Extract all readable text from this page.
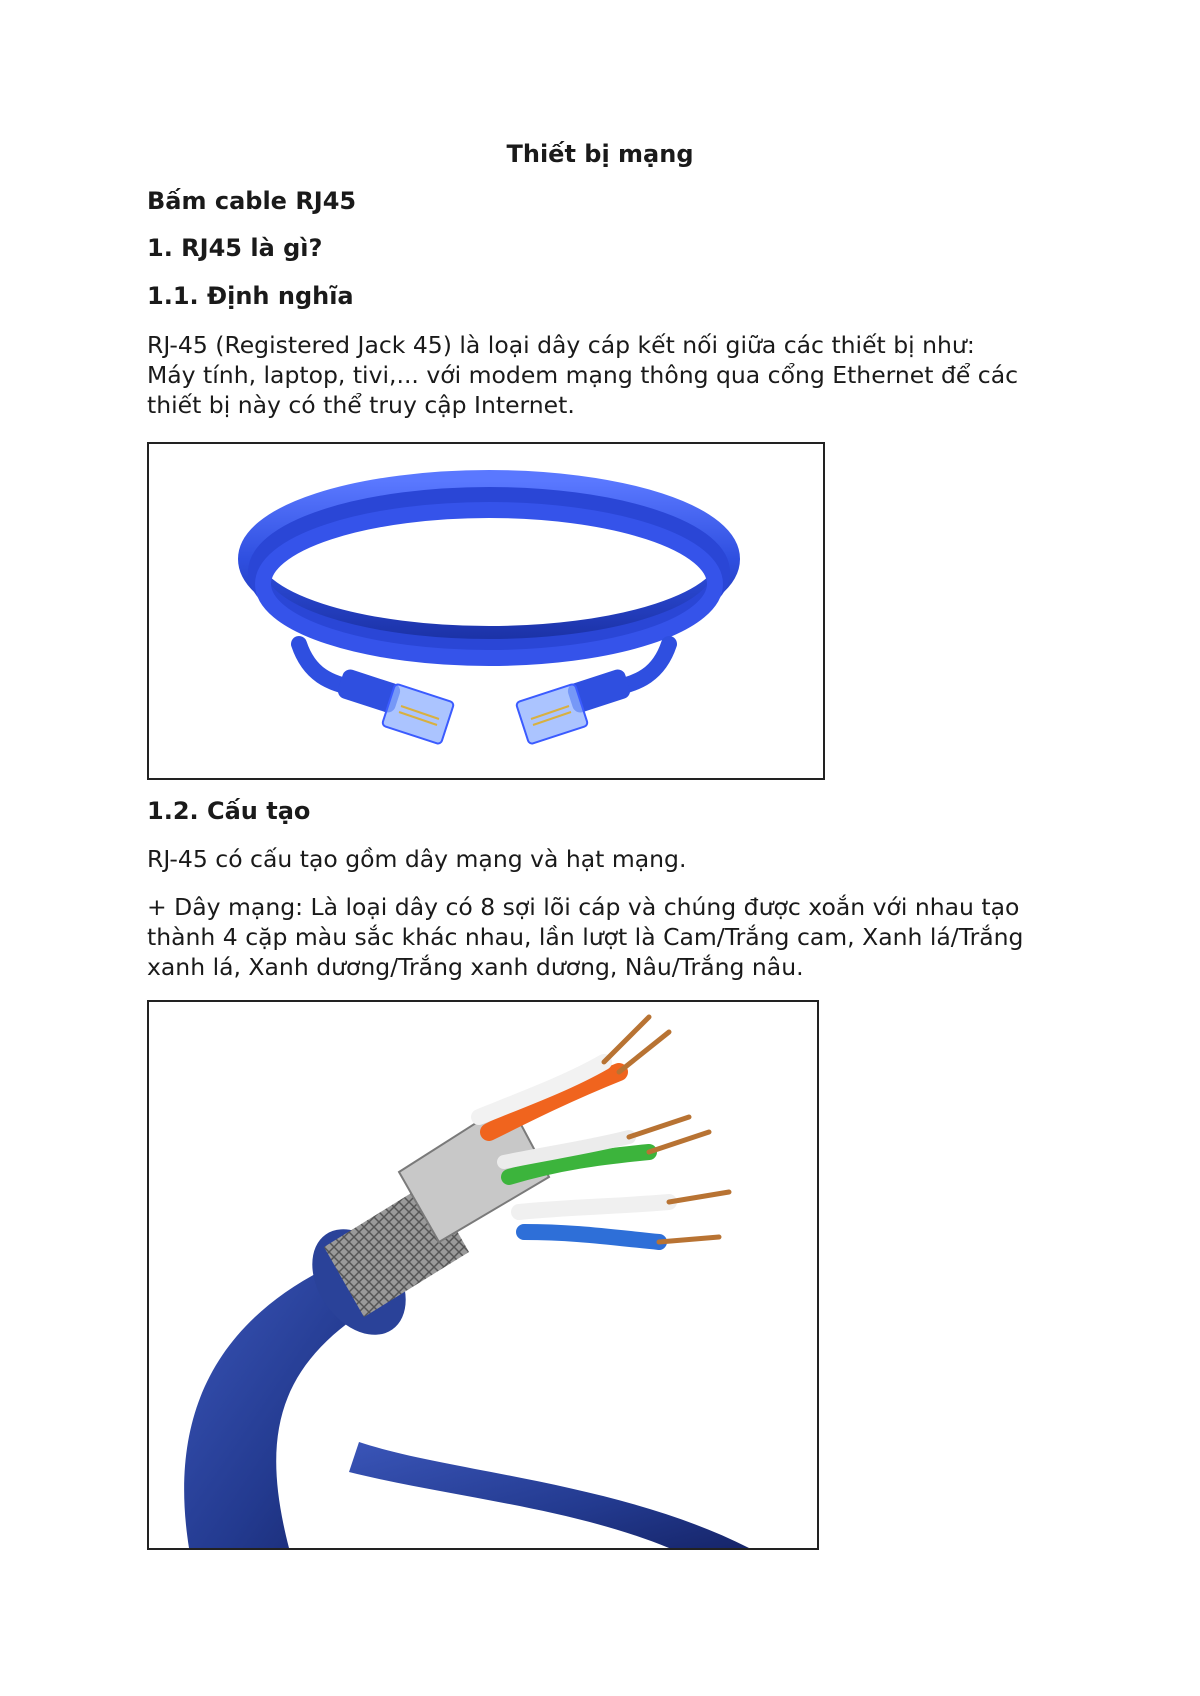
Thiết bị mạng
Bấm cable RJ45
1. RJ45 là gì?
1.1. Định nghĩa
RJ-45 (Registered Jack 45) là loại dây cáp kết nối giữa các thiết bị như:
Máy tính, laptop, tivi,... với modem mạng thông qua cổng Ethernet để các
thiết bị này có thể truy cập Internet.
1.2. Cấu tạo
RJ-45 có cấu tạo gồm dây mạng và hạt mạng.
+ Dây mạng: Là loại dây có 8 sợi lõi cáp và chúng được xoắn với nhau tạo
thành 4 cặp màu sắc khác nhau, lần lượt là Cam/Trắng cam, Xanh lá/Trắng
xanh lá, Xanh dương/Trắng xanh dương, Nâu/Trắng nâu.
